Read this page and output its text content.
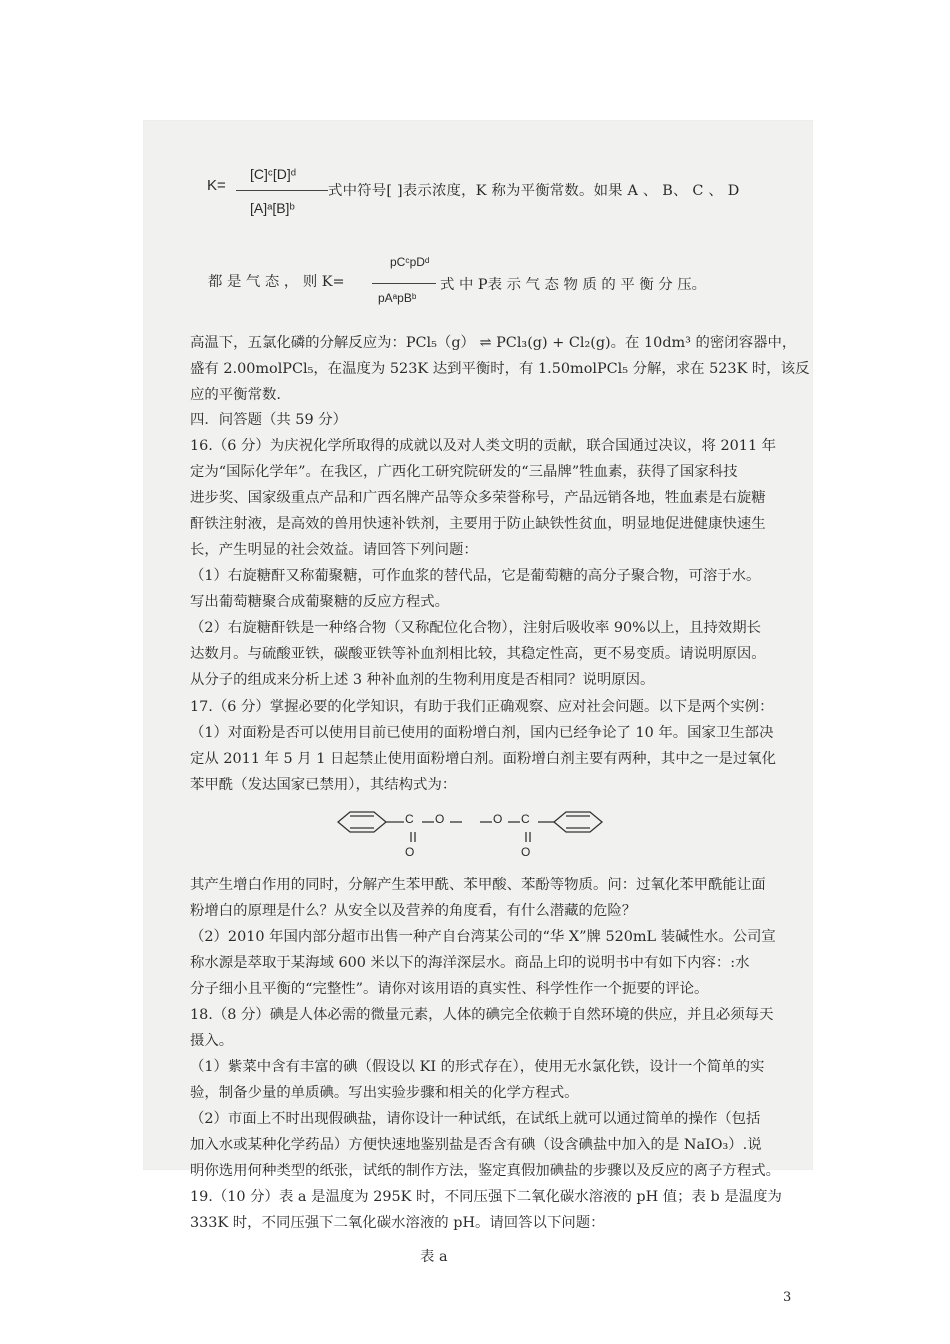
K=
[C]ᶜ[D]ᵈ
[A]ᵃ[B]ᵇ
式中符号[ ]表示浓度，K 称为平衡常数。如果 A 、 B、 C 、 D
都 是 气 态 ， 则 K=
pCᶜpDᵈ
pAᵃpBᵇ
式 中 P表 示 气 态 物 质 的 平 衡 分 压。
高温下，五氯化磷的分解反应为：PCl₅（g） ⇌ PCl₃(g) + Cl₂(g)。在 10dm³ 的密闭容器中，
盛有 2.00molPCl₅，在温度为 523K 达到平衡时，有 1.50molPCl₅ 分解，求在 523K 时，该反
应的平衡常数.
四．问答题（共 59 分）
16.（6 分）为庆祝化学所取得的成就以及对人类文明的贡献，联合国通过决议，将 2011 年
定为“国际化学年”。在我区，广西化工研究院研发的“三晶牌”牲血素，获得了国家科技
进步奖、国家级重点产品和广西名牌产品等众多荣誉称号，产品远销各地，牲血素是右旋糖
酐铁注射液，是高效的兽用快速补铁剂，主要用于防止缺铁性贫血，明显地促进健康快速生
长，产生明显的社会效益。请回答下列问题：
（1）右旋糖酐又称葡聚糖，可作血浆的替代品，它是葡萄糖的高分子聚合物，可溶于水。
写出葡萄糖聚合成葡聚糖的反应方程式。
（2）右旋糖酐铁是一种络合物（又称配位化合物），注射后吸收率 90%以上，且持效期长
达数月。与硫酸亚铁，碳酸亚铁等补血剂相比较，其稳定性高，更不易变质。请说明原因。
从分子的组成来分析上述 3 种补血剂的生物利用度是否相同？说明原因。
17.（6 分）掌握必要的化学知识，有助于我们正确观察、应对社会问题。以下是两个实例：
（1）对面粉是否可以使用目前已使用的面粉增白剂，国内已经争论了 10 年。国家卫生部决
定从 2011 年 5 月 1 日起禁止使用面粉增白剂。面粉增白剂主要有两种，其中之一是过氧化
苯甲酰（发达国家已禁用），其结构式为：
C O	O C
O	O
其产生增白作用的同时，分解产生苯甲酰、苯甲酸、苯酚等物质。问：过氧化苯甲酰能让面
粉增白的原理是什么？从安全以及营养的角度看，有什么潜藏的危险？
（2）2010 年国内部分超市出售一种产自台湾某公司的“华 X”牌 520mL 装碱性水。公司宣
称水源是萃取于某海域 600 米以下的海洋深层水。商品上印的说明书中有如下内容：:水
分子细小且平衡的“完整性”。请你对该用语的真实性、科学性作一个扼要的评论。
18.（8 分）碘是人体必需的微量元素，人体的碘完全依赖于自然环境的供应，并且必须每天
摄入。
（1）紫菜中含有丰富的碘（假设以 KI 的形式存在），使用无水氯化铁，设计一个简单的实
验，制备少量的单质碘。写出实验步骤和相关的化学方程式。
（2）市面上不时出现假碘盐，请你设计一种试纸，在试纸上就可以通过简单的操作（包括
加入水或某种化学药品）方便快速地鉴别盐是否含有碘（设含碘盐中加入的是 NaIO₃）.说
明你选用何种类型的纸张，试纸的制作方法，鉴定真假加碘盐的步骤以及反应的离子方程式。
19.（10 分）表 a 是温度为 295K 时，不同压强下二氧化碳水溶液的 pH 值；表 b 是温度为
333K 时，不同压强下二氧化碳水溶液的 pH。请回答以下问题：
表 a
3
